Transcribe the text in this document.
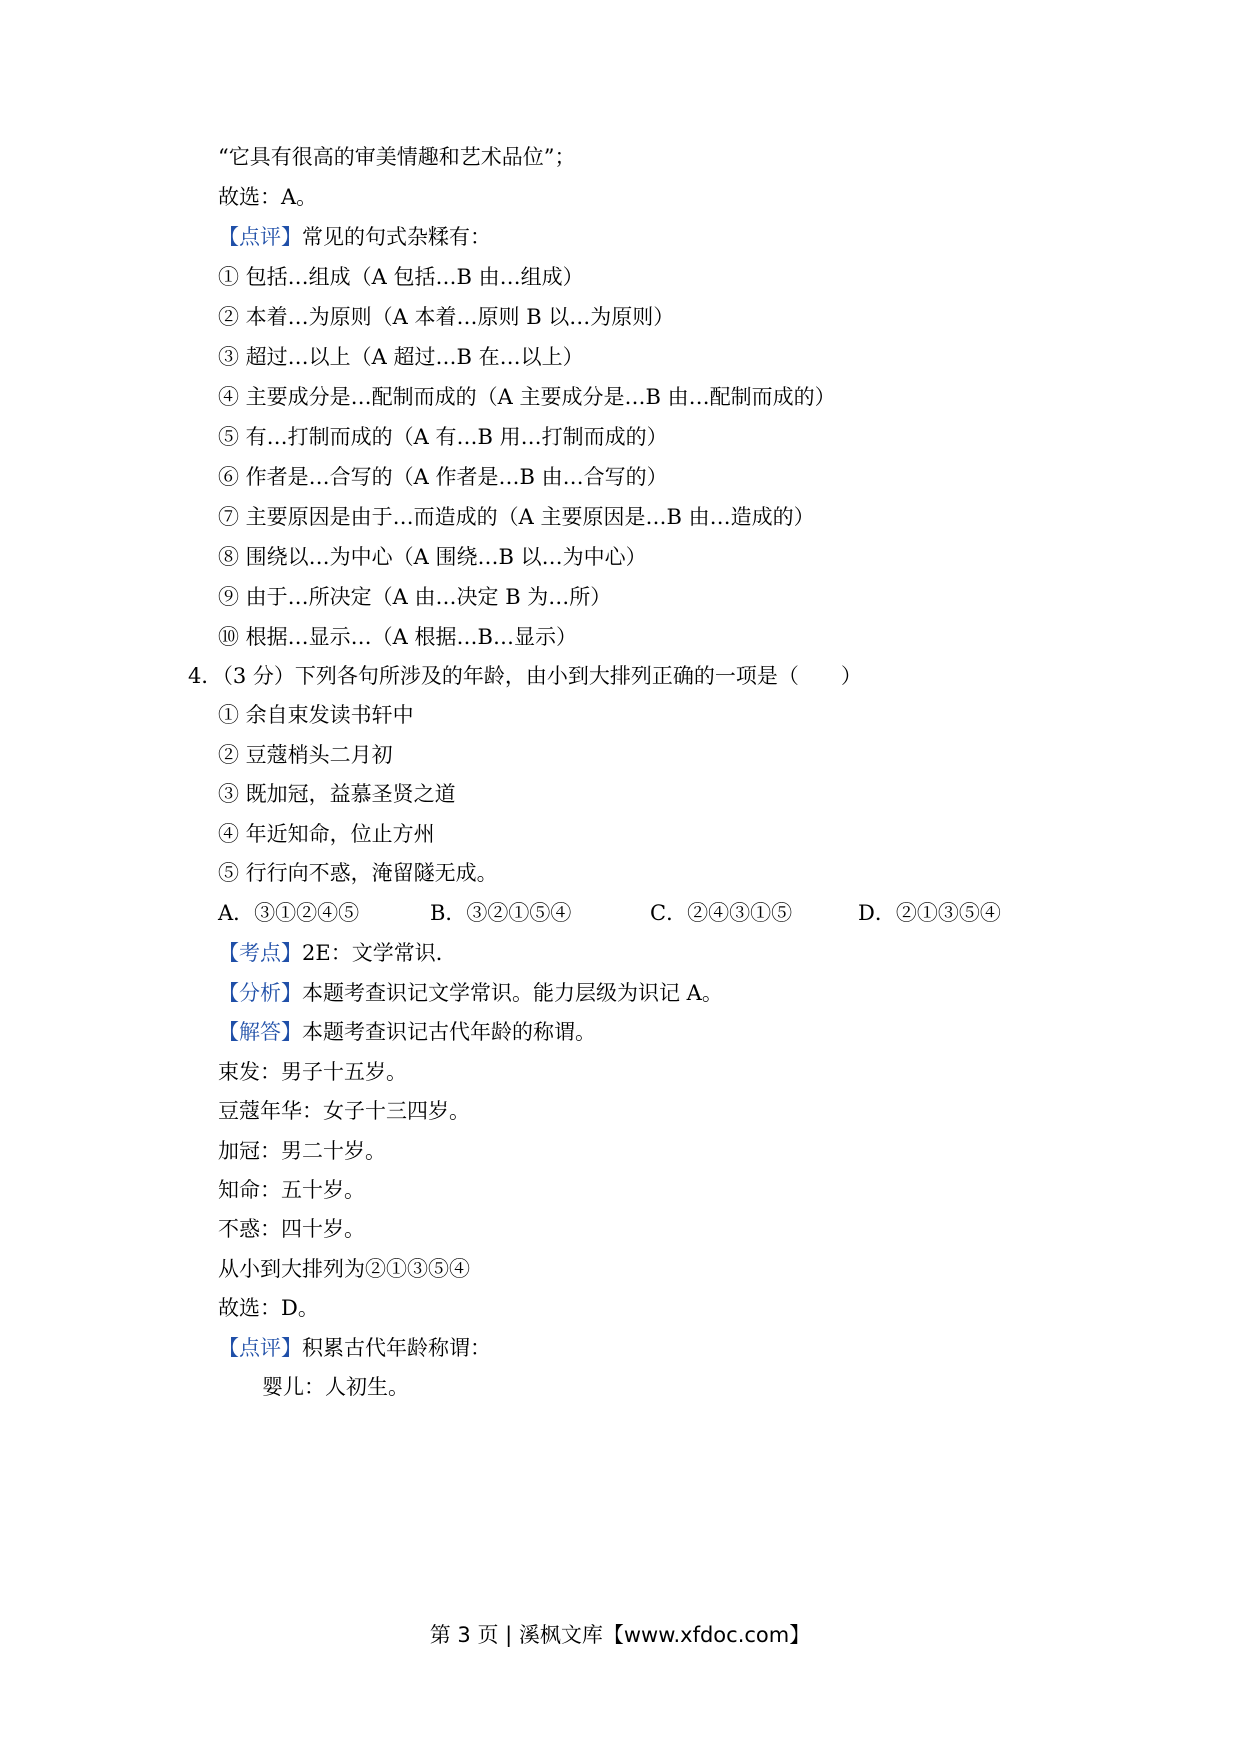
“它具有很高的审美情趣和艺术品位”；
故选：A。
【点评】常见的句式杂糅有：
① 包括…组成（A 包括…B 由…组成）
② 本着…为原则（A 本着…原则 B 以…为原则）
③ 超过…以上（A 超过…B 在…以上）
④ 主要成分是…配制而成的（A 主要成分是…B 由…配制而成的）
⑤ 有…打制而成的（A 有…B 用…打制而成的）
⑥ 作者是…合写的（A 作者是…B 由…合写的）
⑦ 主要原因是由于…而造成的（A 主要原因是…B 由…造成的）
⑧ 围绕以…为中心（A 围绕…B 以…为中心）
⑨ 由于…所决定（A 由…决定 B 为…所）
⑩ 根据…显示…（A 根据…B…显示）
4．（3 分）下列各句所涉及的年龄，由小到大排列正确的一项是（　　）
① 余自束发读书轩中
② 豆蔻梢头二月初
③ 既加冠，益慕圣贤之道
④ 年近知命，位止方州
⑤ 行行向不惑，淹留隧无成。
A．③①②④⑤	B．③②①⑤④	C．②④③①⑤	D．②①③⑤④
【考点】2E：文学常识．
【分析】本题考查识记文学常识。能力层级为识记 A。
【解答】本题考查识记古代年龄的称谓。
束发：男子十五岁。
豆蔻年华：女子十三四岁。
加冠：男二十岁。
知命：五十岁。
不惑：四十岁。
从小到大排列为②①③⑤④
故选：D。
【点评】积累古代年龄称谓：
婴儿：人初生。
第 3 页 | 溪枫文库【www.xfdoc.com】
